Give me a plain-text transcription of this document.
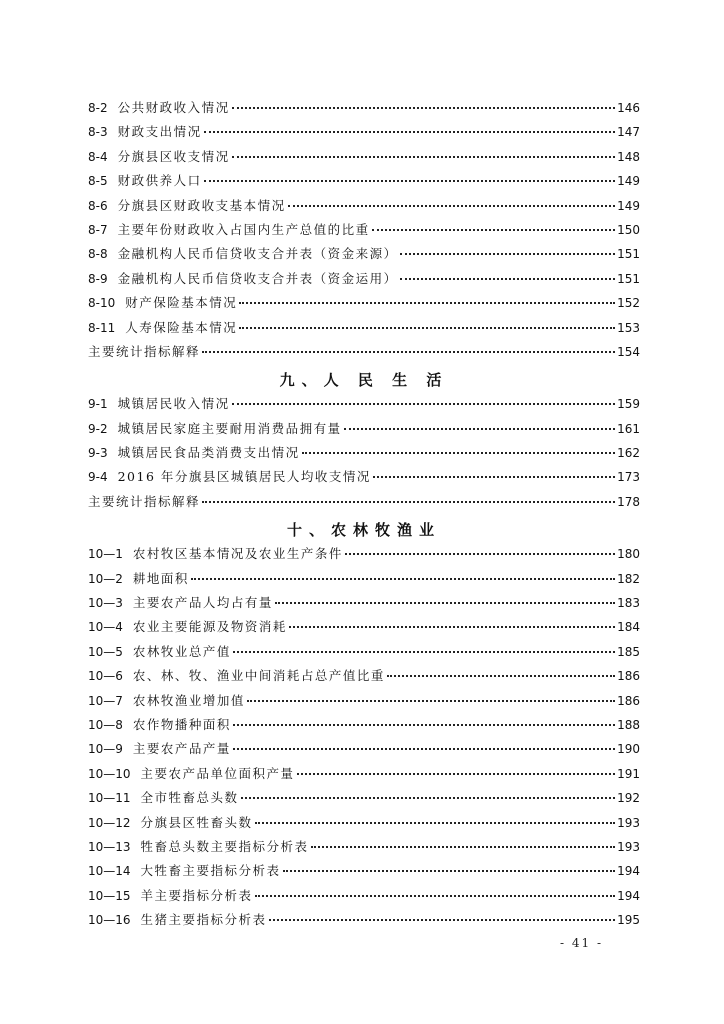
8-2 公共财政收入情况	146
8-3 财政支出情况	147
8-4 分旗县区收支情况	148
8-5 财政供养人口	149
8-6 分旗县区财政收支基本情况	149
8-7 主要年份财政收入占国内生产总值的比重	150
8-8 金融机构人民币信贷收支合并表（资金来源）	151
8-9 金融机构人民币信贷收支合并表（资金运用）	151
8-10 财产保险基本情况	152
8-11 人寿保险基本情况	153
主要统计指标解释	154
九、人 民 生 活
9-1 城镇居民收入情况	159
9-2 城镇居民家庭主要耐用消费品拥有量	161
9-3 城镇居民食品类消费支出情况	162
9-4 2016 年分旗县区城镇居民人均收支情况	173
主要统计指标解释	178
十、农林牧渔业
10—1 农村牧区基本情况及农业生产条件	180
10—2 耕地面积	182
10—3 主要农产品人均占有量	183
10—4 农业主要能源及物资消耗	184
10—5 农林牧业总产值	185
10—6 农、林、牧、渔业中间消耗占总产值比重	186
10—7 农林牧渔业增加值	186
10—8 农作物播种面积	188
10—9 主要农产品产量	190
10—10 主要农产品单位面积产量	191
10—11 全市牲畜总头数	192
10—12 分旗县区牲畜头数	193
10—13 牲畜总头数主要指标分析表	193
10—14 大牲畜主要指标分析表	194
10—15 羊主要指标分析表	194
10—16 生猪主要指标分析表	195
- 41 -
